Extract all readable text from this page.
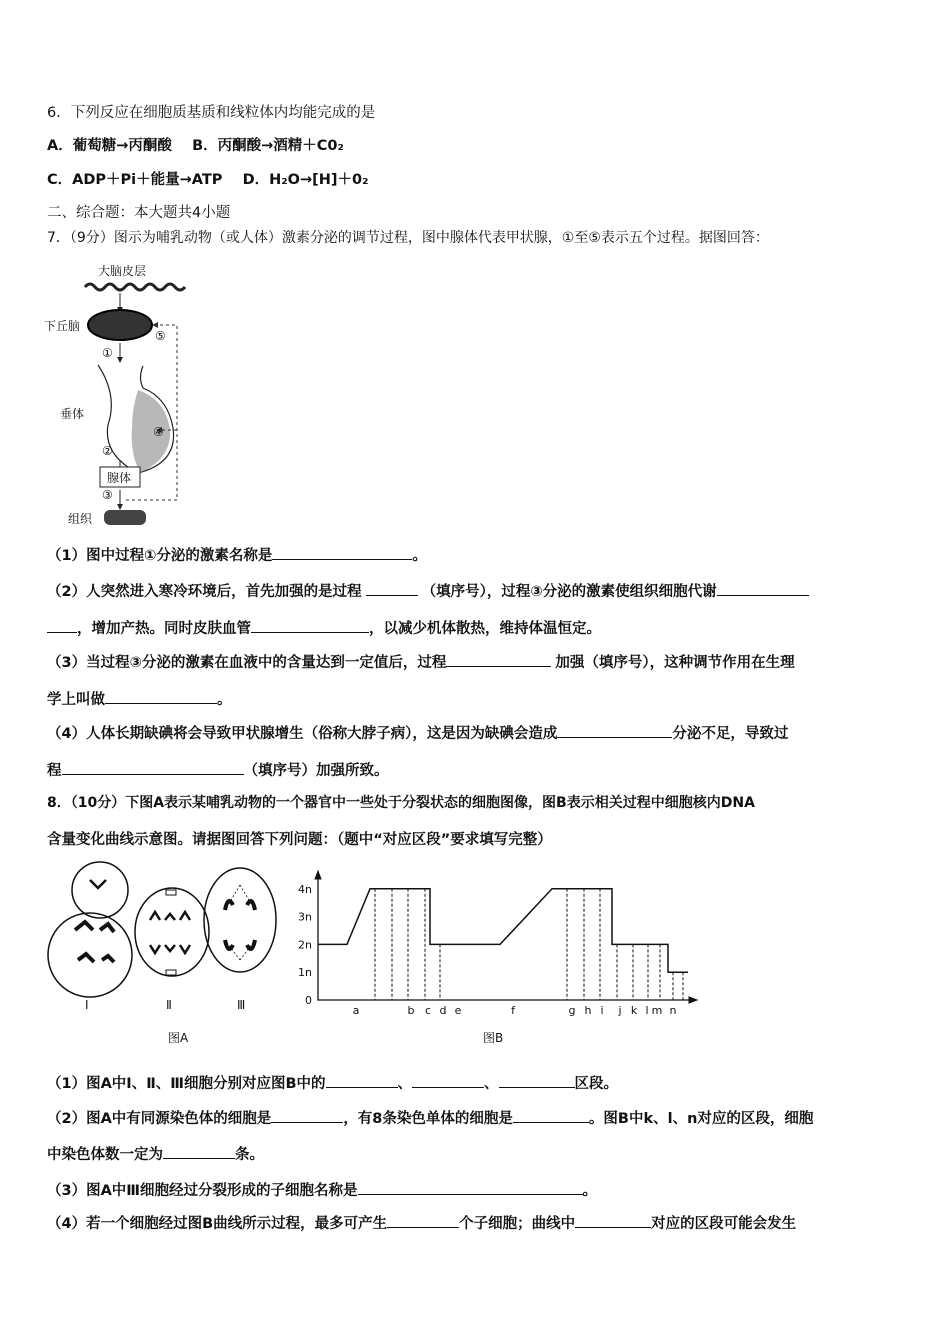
6．下列反应在细胞质基质和线粒体内均能完成的是
A．葡萄糖→丙酮酸 B．丙酮酸→酒精＋C0₂
C．ADP＋Pi＋能量→ATP D．H₂O→[H]＋0₂
二、综合题：本大题共4小题
7．（9分）图示为哺乳动物（或人体）激素分泌的调节过程，图中腺体代表甲状腺，①至⑤表示五个过程。据图回答：
大脑皮层
下丘脑
⑤
①
垂体
④
②
腺体
③
组织
（1）图中过程①分泌的激素名称是	。
（2）人突然进入寒冷环境后，首先加强的是过程	（填序号），过程③分泌的激素使组织细胞代谢
，增加产热。同时皮肤血管	，以减少机体散热，维持体温恒定。
（3）当过程③分泌的激素在血液中的含量达到一定值后，过程	加强（填序号），这种调节作用在生理
学上叫做	。
（4）人体长期缺碘将会导致甲状腺增生（俗称大脖子病），这是因为缺碘会造成	分泌不足，导致过
程	（填序号）加强所致。
8．（10分）下图A表示某哺乳动物的一个器官中一些处于分裂状态的细胞图像，图B表示相关过程中细胞核内DNA
含量变化曲线示意图。请据图回答下列问题：（题中“对应区段”要求填写完整）
Ⅰ	Ⅱ	Ⅲ
图A
0
1n
2n
3n
4n
a	b c d e	f	g h i j k l m n
图B
（1）图A中Ⅰ、Ⅱ、Ⅲ细胞分别对应图B中的	、	、	区段。
（2）图A中有同源染色体的细胞是	，有8条染色单体的细胞是	。图B中k、l、n对应的区段，细胞
中染色体数一定为	条。
（3）图A中Ⅲ细胞经过分裂形成的子细胞名称是	。
（4）若一个细胞经过图B曲线所示过程，最多可产生	个子细胞；曲线中	对应的区段可能会发生
